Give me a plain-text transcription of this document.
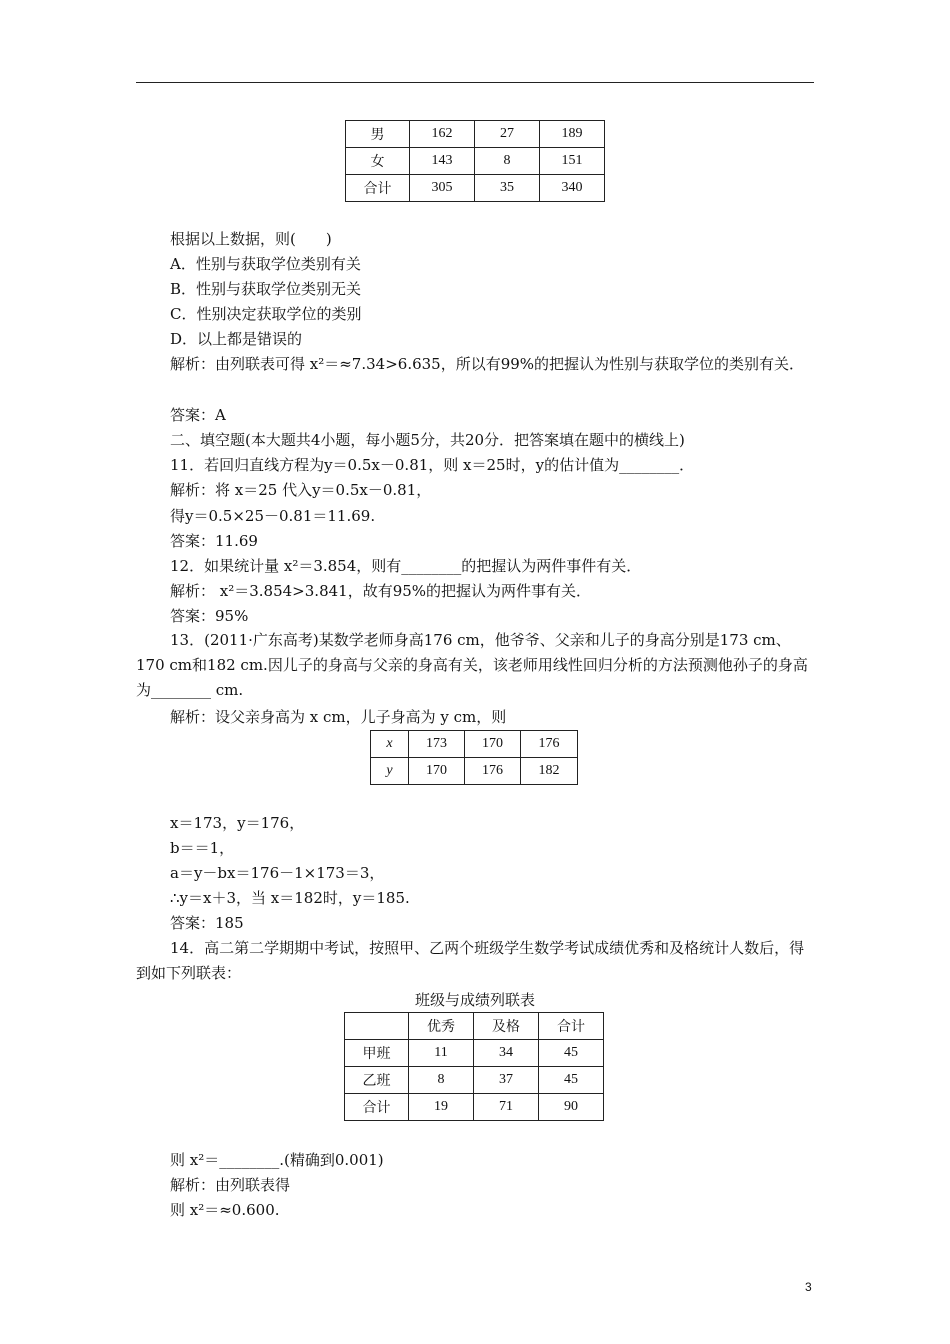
男	162	27	189
女	143	8	151
合计	305	35	340
根据以上数据，则(　　)
A．性别与获取学位类别有关
B．性别与获取学位类别无关
C．性别决定获取学位的类别
D．以上都是错误的
解析：由列联表可得 x²＝≈7.34>6.635，所以有99%的把握认为性别与获取学位的类别有关．
答案：A
二、填空题(本大题共4小题，每小题5分，共20分．把答案填在题中的横线上)
11．若回归直线方程为y＝0.5x－0.81，则 x＝25时，y的估计值为________．
解析：将 x＝25 代入y＝0.5x－0.81，
得y＝0.5×25－0.81＝11.69.
答案：11.69
12．如果统计量 x²＝3.854，则有________的把握认为两件事件有关．
解析： x²＝3.854>3.841，故有95%的把握认为两件事有关．
答案：95%
13．(2011·广东高考)某数学老师身高176 cm，他爷爷、父亲和儿子的身高分别是173 cm、170 cm和182 cm.因儿子的身高与父亲的身高有关，该老师用线性回归分析的方法预测他孙子的身高为________ cm.
解析：设父亲身高为 x cm，儿子身高为 y cm，则
x	173	170	176
y	170	176	182
x＝173，y＝176，
b＝＝1，
a＝y－bx＝176－1×173＝3，
∴y＝x＋3，当 x＝182时，y＝185.
答案：185
14．高二第二学期期中考试，按照甲、乙两个班级学生数学考试成绩优秀和及格统计人数后，得到如下列联表：
班级与成绩列联表
	优秀	及格	合计
甲班	11	34	45
乙班	8	37	45
合计	19	71	90
则 x²＝________.(精确到0.001)
解析：由列联表得
则 x²＝≈0.600.
3
